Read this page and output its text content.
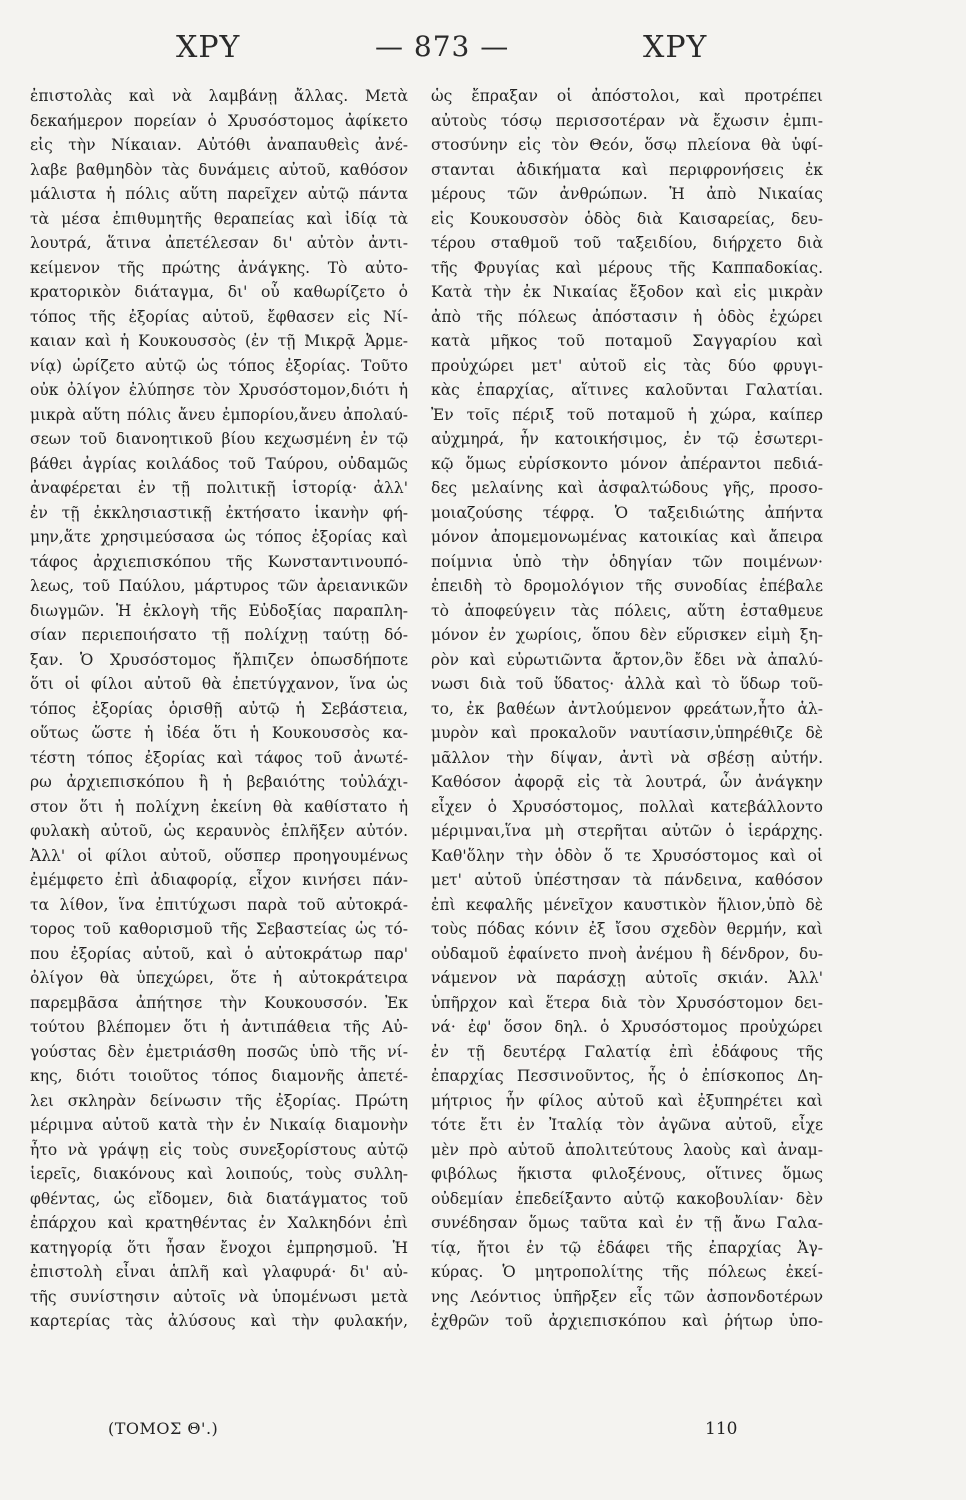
ΧΡΥ	— 873 —	ΧΡΥ
ἐπιστολὰς καὶ νὰ λαμβάνῃ ἄλλας. Μετὰ
δεκαήμερον πορείαν ὁ Χρυσόστομος ἀφίκετο
εἰς τὴν Νίκαιαν. Αὐτόθι ἀναπαυθεὶς ἀνέ-
λαβε βαθμηδὸν τὰς δυνάμεις αὐτοῦ, καθόσον
μάλιστα ἡ πόλις αὕτη παρεῖχεν αὐτῷ πάντα
τὰ μέσα ἐπιθυμητῆς θεραπείας καὶ ἰδίᾳ τὰ
λουτρά, ἅτινα ἀπετέλεσαν δι' αὐτὸν ἀντι-
κείμενον τῆς πρώτης ἀνάγκης. Τὸ αὐτο-
κρατορικὸν διάταγμα, δι' οὗ καθωρίζετο ὁ
τόπος τῆς ἐξορίας αὐτοῦ, ἔφθασεν εἰς Νί-
καιαν καὶ ἡ Κουκουσσὸς (ἐν τῇ Μικρᾷ Ἀρμε-
νίᾳ) ὡρίζετο αὐτῷ ὡς τόπος ἐξορίας. Τοῦτο
οὐκ ὀλίγον ἐλύπησε τὸν Χρυσόστομον,διότι ἡ
μικρὰ αὕτη πόλις ἄνευ ἐμπορίου,ἄνευ ἀπολαύ-
σεων τοῦ διανοητικοῦ βίου κεχωσμένη ἐν τῷ
βάθει ἀγρίας κοιλάδος τοῦ Ταύρου, οὐδαμῶς
ἀναφέρεται ἐν τῇ πολιτικῇ ἱστορίᾳ· ἀλλ'
ἐν τῇ ἐκκλησιαστικῇ ἐκτήσατο ἱκανὴν φή-
μην,ἅτε χρησιμεύσασα ὡς τόπος ἐξορίας καὶ
τάφος ἀρχιεπισκόπου τῆς Κωνσταντινουπό-
λεως, τοῦ Παύλου, μάρτυρος τῶν ἀρειανικῶν
διωγμῶν. Ἡ ἐκλογὴ τῆς Εὐδοξίας παραπλη-
σίαν περιεποιήσατο τῇ πολίχνῃ ταύτῃ δό-
ξαν. Ὁ Χρυσόστομος ἤλπιζεν ὁπωσδήποτε
ὅτι οἱ φίλοι αὐτοῦ θὰ ἐπετύγχανον, ἵνα ὡς
τόπος ἐξορίας ὁρισθῇ αὐτῷ ἡ Σεβάστεια,
οὕτως ὥστε ἡ ἰδέα ὅτι ἡ Κουκουσσὸς κα-
τέστη τόπος ἐξορίας καὶ τάφος τοῦ ἀνωτέ-
ρω ἀρχιεπισκόπου ἢ ἡ βεβαιότης τοὐλάχι-
στον ὅτι ἡ πολίχνη ἐκείνη θὰ καθίστατο ἡ
φυλακὴ αὐτοῦ, ὡς κεραυνὸς ἐπλῆξεν αὐτόν.
Ἀλλ' οἱ φίλοι αὐτοῦ, οὕσπερ προηγουμένως
ἐμέμφετο ἐπὶ ἀδιαφορίᾳ, εἶχον κινήσει πάν-
τα λίθον, ἵνα ἐπιτύχωσι παρὰ τοῦ αὐτοκρά-
τορος τοῦ καθορισμοῦ τῆς Σεβαστείας ὡς τό-
που ἐξορίας αὐτοῦ, καὶ ὁ αὐτοκράτωρ παρ'
ὀλίγον θὰ ὑπεχώρει, ὅτε ἡ αὐτοκράτειρα
παρεμβᾶσα ἀπήτησε τὴν Κουκουσσόν. Ἐκ
τούτου βλέπομεν ὅτι ἡ ἀντιπάθεια τῆς Αὐ-
γούστας δὲν ἐμετριάσθη ποσῶς ὑπὸ τῆς νί-
κης, διότι τοιοῦτος τόπος διαμονῆς ἀπετέ-
λει σκληρὰν δείνωσιν τῆς ἐξορίας. Πρώτη
μέριμνα αὐτοῦ κατὰ τὴν ἐν Νικαίᾳ διαμονὴν
ἦτο νὰ γράψῃ εἰς τοὺς συνεξορίστους αὐτῷ
ἱερεῖς, διακόνους καὶ λοιπούς, τοὺς συλλη-
φθέντας, ὡς εἴδομεν, διὰ διατάγματος τοῦ
ἐπάρχου καὶ κρατηθέντας ἐν Χαλκηδόνι ἐπὶ
κατηγορίᾳ ὅτι ἦσαν ἔνοχοι ἐμπρησμοῦ. Ἡ
ἐπιστολὴ εἶναι ἁπλῆ καὶ γλαφυρά· δι' αὐ-
τῆς συνίστησιν αὐτοῖς νὰ ὑπομένωσι μετὰ
καρτερίας τὰς ἀλύσους καὶ τὴν φυλακήν,
ὡς ἔπραξαν οἱ ἀπόστολοι, καὶ προτρέπει
αὐτοὺς τόσῳ περισσοτέραν νὰ ἔχωσιν ἐμπι-
στοσύνην εἰς τὸν Θεόν, ὅσῳ πλείονα θὰ ὑφί-
στανται ἀδικήματα καὶ περιφρονήσεις ἐκ
μέρους τῶν ἀνθρώπων. Ἡ ἀπὸ Νικαίας
εἰς Κουκουσσὸν ὁδὸς διὰ Καισαρείας, δευ-
τέρου σταθμοῦ τοῦ ταξειδίου, διήρχετο διὰ
τῆς Φρυγίας καὶ μέρους τῆς Καππαδοκίας.
Κατὰ τὴν ἐκ Νικαίας ἔξοδον καὶ εἰς μικρὰν
ἀπὸ τῆς πόλεως ἀπόστασιν ἡ ὁδὸς ἐχώρει
κατὰ μῆκος τοῦ ποταμοῦ Σαγγαρίου καὶ
προὐχώρει μετ' αὐτοῦ εἰς τὰς δύο φρυγι-
κὰς ἐπαρχίας, αἵτινες καλοῦνται Γαλατίαι.
Ἐν τοῖς πέριξ τοῦ ποταμοῦ ἡ χώρα, καίπερ
αὐχμηρά, ἦν κατοικήσιμος, ἐν τῷ ἐσωτερι-
κῷ ὅμως εὑρίσκοντο μόνον ἀπέραντοι πεδιά-
δες μελαίνης καὶ ἀσφαλτώδους γῆς, προσο-
μοιαζούσης τέφρᾳ. Ὁ ταξειδιώτης ἀπήντα
μόνον ἀπομεμονωμένας κατοικίας καὶ ἄπειρα
ποίμνια ὑπὸ τὴν ὁδηγίαν τῶν ποιμένων·
ἐπειδὴ τὸ δρομολόγιον τῆς συνοδίας ἐπέβαλε
τὸ ἀποφεύγειν τὰς πόλεις, αὕτη ἐσταθμευε
μόνον ἐν χωρίοις, ὅπου δὲν εὕρισκεν εἰμὴ ξη-
ρὸν καὶ εὐρωτιῶντα ἄρτον,ὃν ἔδει νὰ ἀπαλύ-
νωσι διὰ τοῦ ὕδατος· ἀλλὰ καὶ τὸ ὕδωρ τοῦ-
το, ἐκ βαθέων ἀντλούμενον φρεάτων,ἦτο ἁλ-
μυρὸν καὶ προκαλοῦν ναυτίασιν,ὑπηρέθιζε δὲ
μᾶλλον τὴν δίψαν, ἀντὶ νὰ σβέσῃ αὐτήν.
Καθόσον ἀφορᾷ εἰς τὰ λουτρά, ὧν ἀνάγκην
εἶχεν ὁ Χρυσόστομος, πολλαὶ κατεβάλλοντο
μέριμναι,ἵνα μὴ στερῆται αὐτῶν ὁ ἱεράρχης.
Καθ'ὅλην τὴν ὁδὸν ὅ τε Χρυσόστομος καὶ οἱ
μετ' αὐτοῦ ὑπέστησαν τὰ πάνδεινα, καθόσον
ἐπὶ κεφαλῆς μένεῖχον καυστικὸν ἥλιον,ὑπὸ δὲ
τοὺς πόδας κόνιν ἐξ ἴσου σχεδὸν θερμήν, καὶ
οὐδαμοῦ ἐφαίνετο πνοὴ ἀνέμου ἢ δένδρον, δυ-
νάμενον νὰ παράσχῃ αὐτοῖς σκιάν. Ἀλλ'
ὑπῆρχον καὶ ἕτερα διὰ τὸν Χρυσόστομον δει-
νά· ἐφ' ὅσον δηλ. ὁ Χρυσόστομος προὐχώρει
ἐν τῇ δευτέρᾳ Γαλατίᾳ ἐπὶ ἐδάφους τῆς
ἐπαρχίας Πεσσινοῦντος, ἧς ὁ ἐπίσκοπος Δη-
μήτριος ἦν φίλος αὐτοῦ καὶ ἐξυπηρέτει καὶ
τότε ἔτι ἐν Ἰταλίᾳ τὸν ἀγῶνα αὐτοῦ, εἶχε
μὲν πρὸ αὐτοῦ ἀπολιτεύτους λαοὺς καὶ ἀναμ-
φιβόλως ἥκιστα φιλοξένους, οἵτινες ὅμως
οὐδεμίαν ἐπεδείξαντο αὐτῷ κακοβουλίαν· δὲν
συνέδησαν ὅμως ταῦτα καὶ ἐν τῇ ἄνω Γαλα-
τίᾳ, ἤτοι ἐν τῷ ἐδάφει τῆς ἐπαρχίας Ἀγ-
κύρας. Ὁ μητροπολίτης τῆς πόλεως ἐκεί-
νης Λεόντιος ὑπῆρξεν εἷς τῶν ἀσπονδοτέρων
ἐχθρῶν τοῦ ἀρχιεπισκόπου καὶ ῥήτωρ ὑπο-
(ΤΟΜΟΣ Θ'.)	110
